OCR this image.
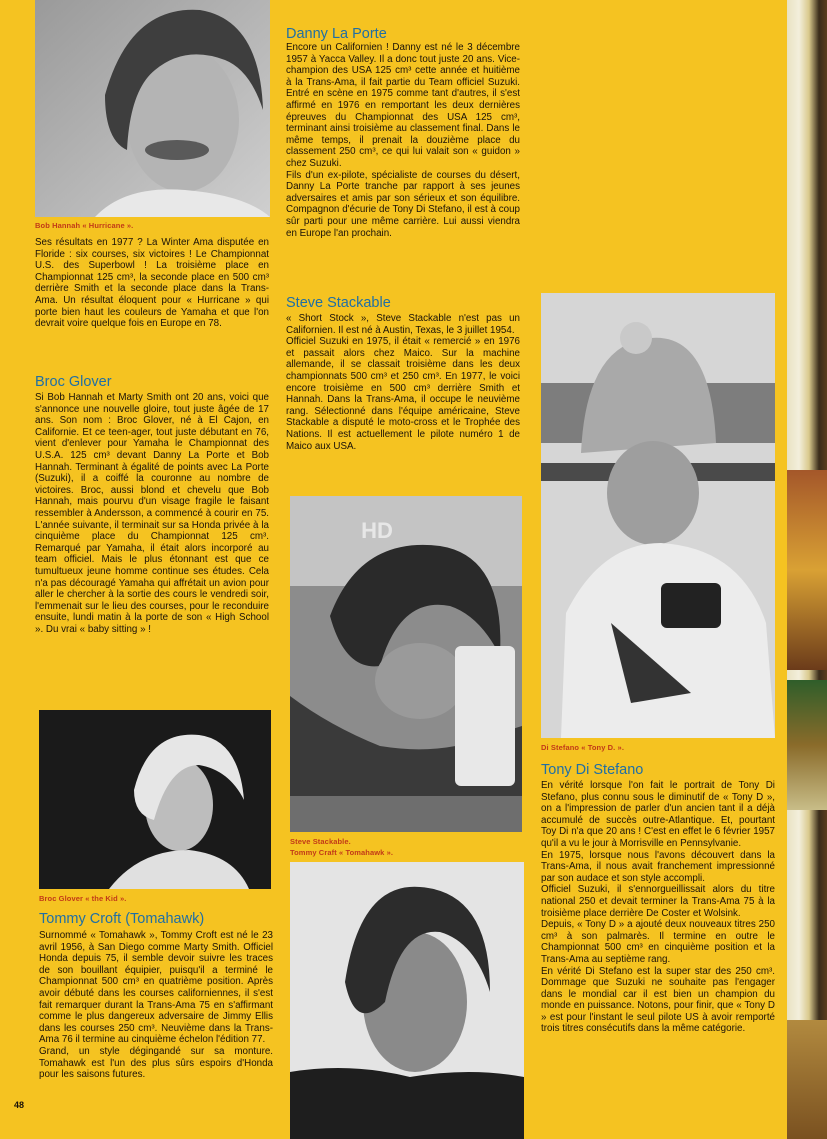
Bob Hannah « Hurricane ».

Ses résultats en 1977 ? La Winter Ama disputée en Floride : six courses, six victoires ! Le Championnat U.S. des Superbowl ! La troisième place en Championnat 125 cm³, la seconde place en 500 cm³ derrière Smith et la seconde place dans la Trans-Ama. Un résultat éloquent pour « Hurricane » qui porte bien haut les couleurs de Yamaha et que l'on devrait voire quelque fois en Europe en 78.

Broc Glover

Si Bob Hannah et Marty Smith ont 20 ans, voici que s'annonce une nouvelle gloire, tout juste âgée de 17 ans. Son nom : Broc Glover, né à El Cajon, en Californie. Et ce teen-ager, tout juste débutant en 76, vient d'enlever pour Yamaha le Championnat des U.S.A. 125 cm³ devant Danny La Porte et Bob Hannah. Terminant à égalité de points avec La Porte (Suzuki), il a coiffé la couronne au nombre de victoires. Broc, aussi blond et chevelu que Bob Hannah, mais pourvu d'un visage fragile le faisant ressembler à Andersson, a commencé à courir en 75. L'année suivante, il terminait sur sa Honda privée à la cinquième place du Championnat 125 cm³. Remarqué par Yamaha, il était alors incorporé au team officiel. Mais le plus étonnant est que ce tumultueux jeune homme continue ses études. Cela n'a pas découragé Yamaha qui affrétait un avion pour aller le chercher à la sortie des cours le vendredi soir, l'emmenait sur le lieu des courses, pour le reconduire ensuite, lundi matin à la porte de son « High School ». Du vrai « baby sitting » !

Broc Glover « the Kid ».
Tommy Croft (Tomahawk)

Surnommé « Tomahawk », Tommy Croft est né le 23 avril 1956, à San Diego comme Marty Smith. Officiel Honda depuis 75, il semble devoir suivre les traces de son bouillant équipier, puisqu'il a terminé le Championnat 500 cm³ en quatrième position. Après avoir débuté dans les courses californiennes, il s'est fait remarquer durant la Trans-Ama 75 en s'affirmant comme le plus dangereux adversaire de Jimmy Ellis dans les courses 250 cm³. Neuvième dans la Trans-Ama 76 il termine au cinquième échelon l'édition 77.

Grand, un style dégingandé sur sa monture. Tomahawk est l'un des plus sûrs espoirs d'Honda pour les saisons futures.

48
Danny La Porte

Encore un Californien ! Danny est né le 3 décembre 1957 à Yacca Valley. Il a donc tout juste 20 ans. Vice-champion des USA 125 cm³ cette année et huitième à la Trans-Ama, il fait partie du Team officiel Suzuki. Entré en scène en 1975 comme tant d'autres, il s'est affirmé en 1976 en remportant les deux dernières épreuves du Championnat des USA 125 cm³, terminant ainsi troisième au classement final. Dans le même temps, il prenait la douzième place du classement 250 cm³, ce qui lui valait son « guidon » chez Suzuki.

Fils d'un ex-pilote, spécialiste de courses du désert, Danny La Porte tranche par rapport à ses jeunes adversaires et amis par son sérieux et son équilibre. Compagnon d'écurie de Tony Di Stefano, il est à coup sûr parti pour une même carrière. Lui aussi viendra en Europe l'an prochain.

Steve Stackable

« Short Stock », Steve Stackable n'est pas un Californien. Il est né à Austin, Texas, le 3 juillet 1954.

Officiel Suzuki en 1975, il était « remercié » en 1976 et passait alors chez Maico. Sur la machine allemande, il se classait troisième dans les deux championnats 500 cm³ et 250 cm³. En 1977, le voici encore troisième en 500 cm³ derrière Smith et Hannah. Dans la Trans-Ama, il occupe le neuvième rang. Sélectionné dans l'équipe américaine, Steve Stackable a disputé le moto-cross et le Trophée des Nations. Il est actuellement le pilote numéro 1 de Maico aux USA.

HD
Steve Stackable.
Tommy Craft « Tomahawk ».
Di Stefano « Tony D. ».
Tony Di Stefano

En vérité lorsque l'on fait le portrait de Tony Di Stefano, plus connu sous le diminutif de « Tony D », on a l'impression de parler d'un ancien tant il a déjà accumulé de succès outre-Atlantique. Et, pourtant Toy Di n'a que 20 ans ! C'est en effet le 6 février 1957 qu'il a vu le jour à Morrisville en Pennsylvanie.

En 1975, lorsque nous l'avons découvert dans la Trans-Ama, il nous avait franchement impressionné par son audace et son style accompli.

Officiel Suzuki, il s'ennorgueillissait alors du titre national 250 et devait terminer la Trans-Ama 75 à la troisième place derrière De Coster et Wolsink.

Depuis, « Tony D » a ajouté deux nouveaux titres 250 cm³ à son palmarès. Il termine en outre le Championnat 500 cm³ en cinquième position et la Trans-Ama au septième rang.

En vérité Di Stefano est la super star des 250 cm³. Dommage que Suzuki ne souhaite pas l'engager dans le mondial car il est bien un champion du monde en puissance. Notons, pour finir, que « Tony D » est pour l'instant le seul pilote US à avoir remporté trois titres consécutifs dans la même catégorie.
